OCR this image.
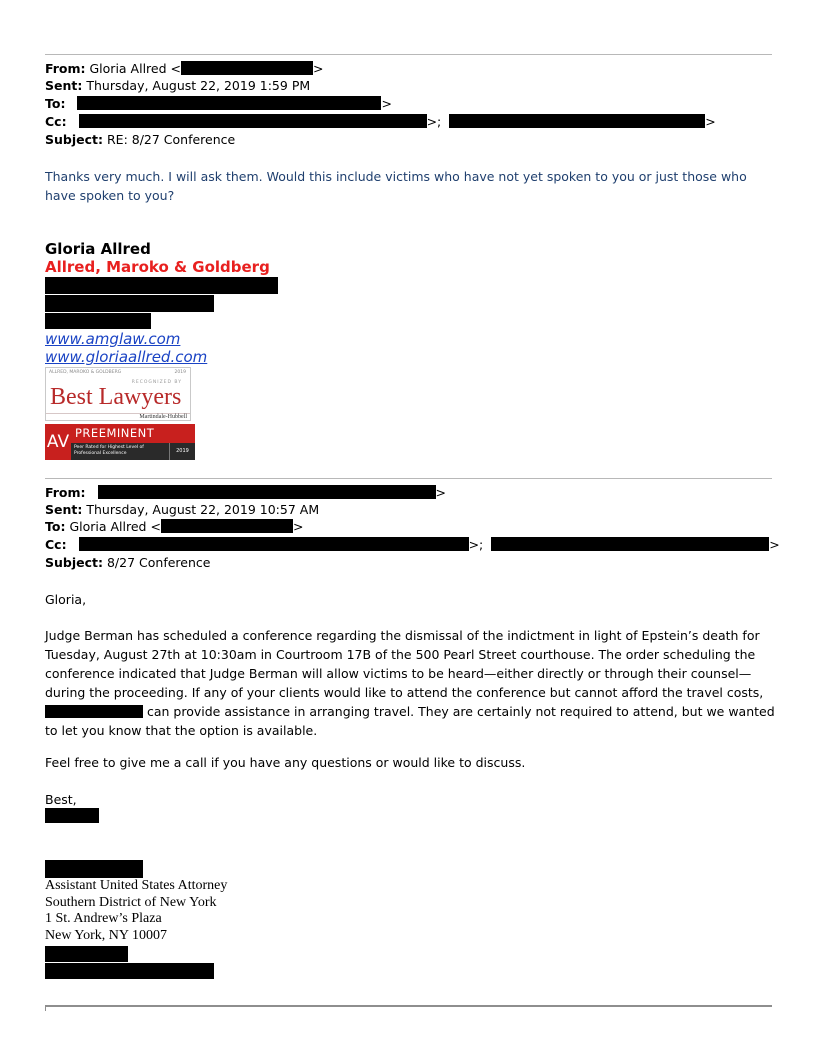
From: Gloria Allred <	>
Sent: Thursday, August 22, 2019 1:59 PM
To:	>
Cc:	>;	>
Subject: RE: 8/27 Conference
Thanks very much. I will ask them. Would this include victims who have not yet spoken to you or just those who have spoken to you?
Gloria Allred
Allred, Maroko & Goldberg
www.amglaw.com
www.gloriaallred.com
ALLRED, MAROKO & GOLDBERG	2019
RECOGNIZED BY
Best Lawyers
Martindale-Hubbell
AV PREEMINENT
Peer Rated for Highest Level of Professional Excellence	2019
From:	>
Sent: Thursday, August 22, 2019 10:57 AM
To: Gloria Allred <	>
Cc:	>;	>
Subject: 8/27 Conference
Gloria,
Judge Berman has scheduled a conference regarding the dismissal of the indictment in light of Epstein’s death for Tuesday, August 27th at 10:30am in Courtroom 17B of the 500 Pearl Street courthouse. The order scheduling the conference indicated that Judge Berman will allow victims to be heard—either directly or through their counsel—during the proceeding. If any of your clients would like to attend the conference but cannot afford the travel costs,  can provide assistance in arranging travel. They are certainly not required to attend, but we wanted to let you know that the option is available.
Feel free to give me a call if you have any questions or would like to discuss.
Best,
Assistant United States Attorney
Southern District of New York
1 St. Andrew’s Plaza
New York, NY 10007
